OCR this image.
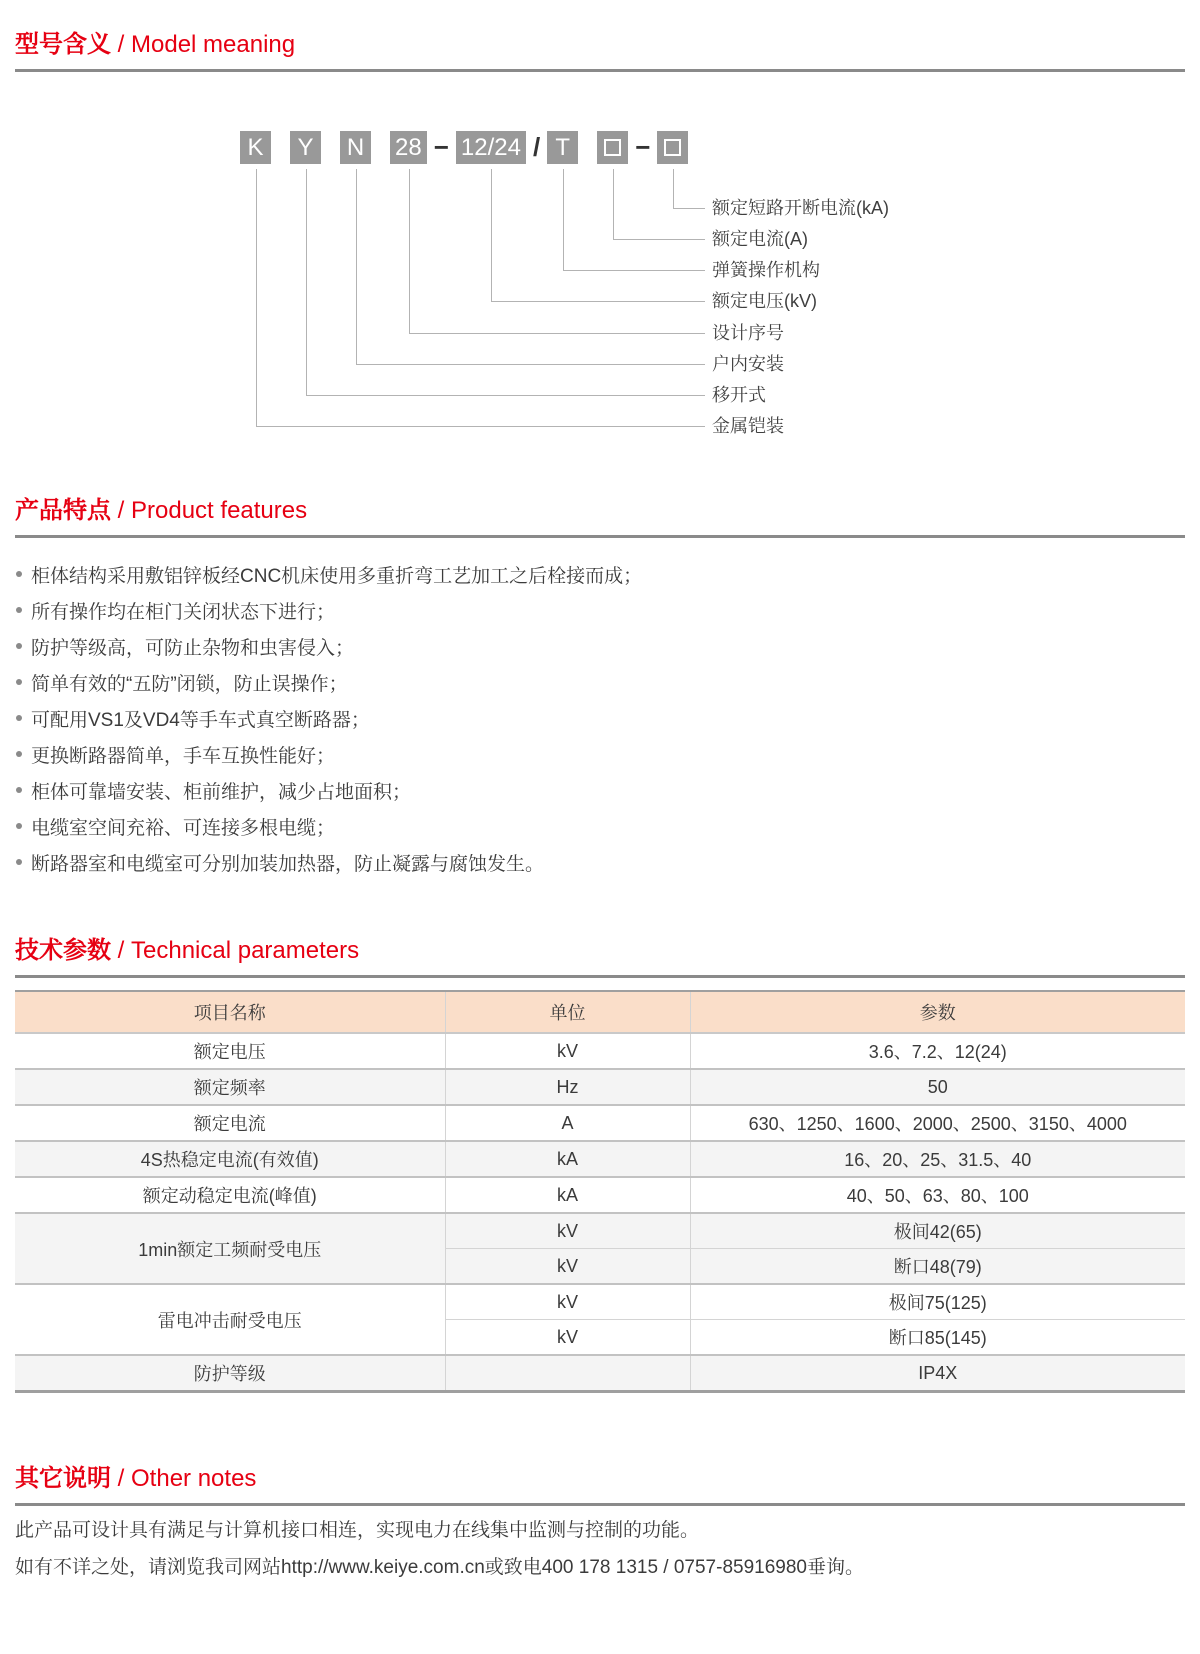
型号含义 / Model meaning
K	Y	N 28 − 12/24 / T	−
额定短路开断电流(kA)
额定电流(A)
弹簧操作机构
额定电压(kV)
设计序号
户内安装
移开式
金属铠装
产品特点 / Product features
柜体结构采用敷铝锌板经CNC机床使用多重折弯工艺加工之后栓接而成；
所有操作均在柜门关闭状态下进行；
防护等级高，可防止杂物和虫害侵入；
简单有效的“五防”闭锁，防止误操作；
可配用VS1及VD4等手车式真空断路器；
更换断路器简单，手车互换性能好；
柜体可靠墙安装、柜前维护，减少占地面积；
电缆室空间充裕、可连接多根电缆；
断路器室和电缆室可分别加装加热器，防止凝露与腐蚀发生。
技术参数 / Technical parameters
项目名称	单位	参数
额定电压	kV	3.6、7.2、12(24)
额定频率	Hz	50
额定电流	A	630、1250、1600、2000、2500、3150、4000
4S热稳定电流(有效值)	kA	16、20、25、31.5、40
额定动稳定电流(峰值)	kA	40、50、63、80、100
1min额定工频耐受电压	kV	极间42(65)
	kV	断口48(79)
雷电冲击耐受电压	kV	极间75(125)
	kV	断口85(145)
防护等级		IP4X
其它说明 / Other notes
此产品可设计具有满足与计算机接口相连，实现电力在线集中监测与控制的功能。
如有不详之处，请浏览我司网站http://www.keiye.com.cn或致电400 178 1315 / 0757-85916980垂询。
